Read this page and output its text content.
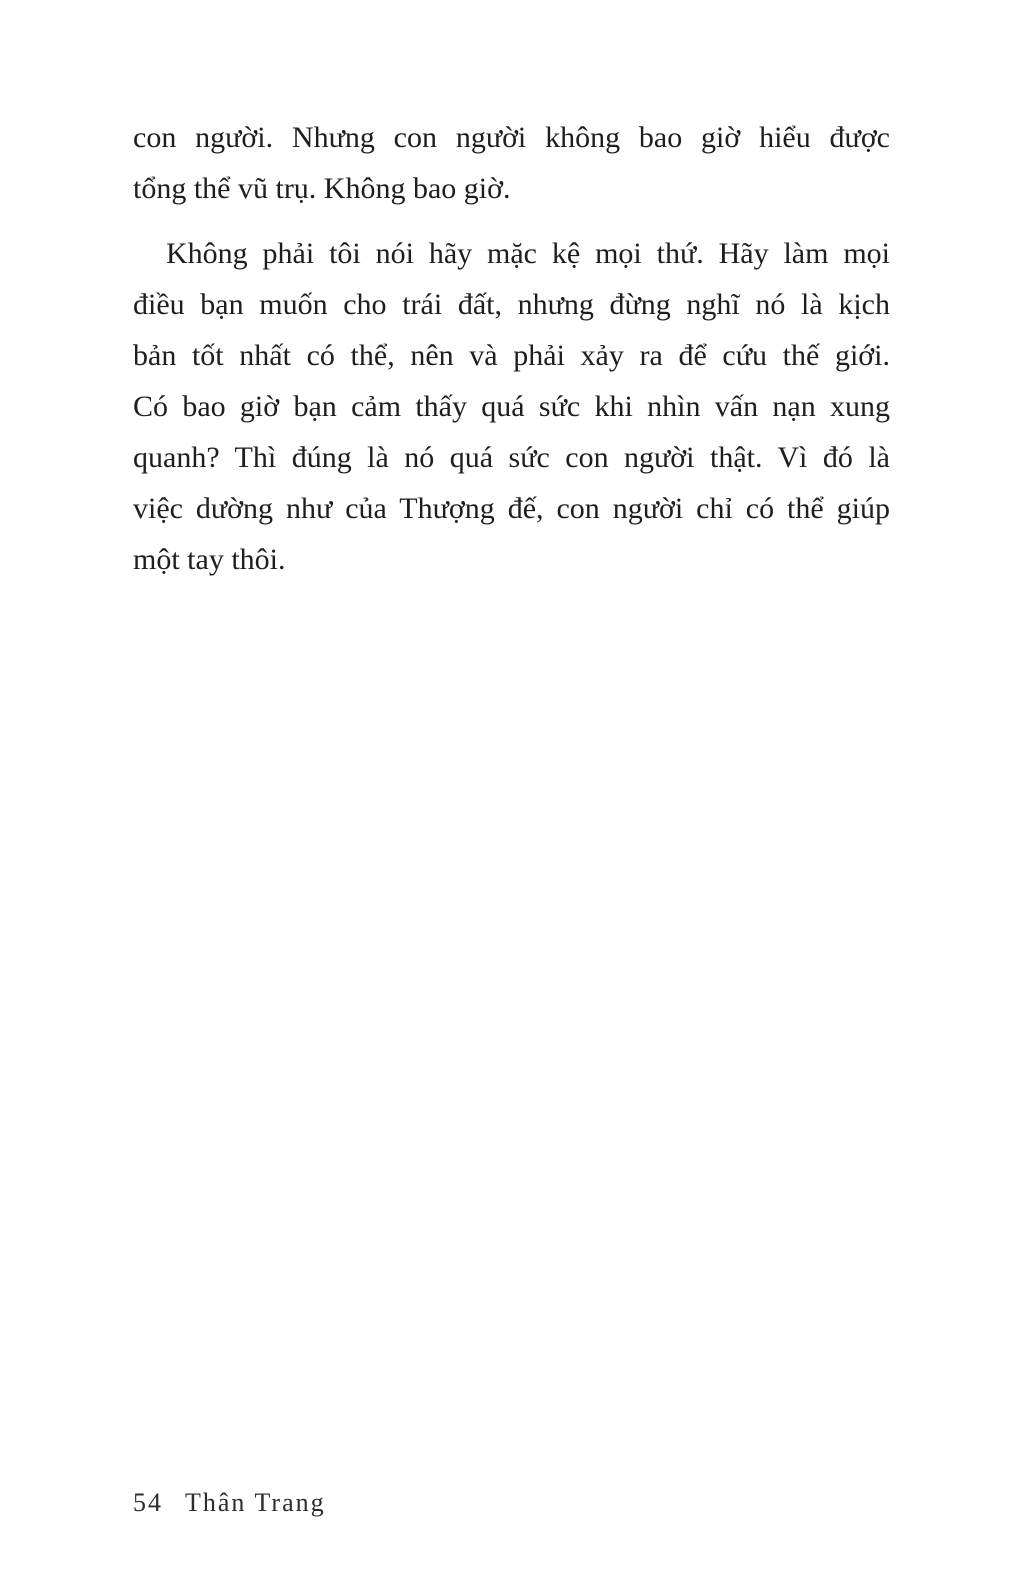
con người. Nhưng con người không bao giờ hiểu được
tổng thể vũ trụ. Không bao giờ.
Không phải tôi nói hãy mặc kệ mọi thứ. Hãy làm mọi
điều bạn muốn cho trái đất, nhưng đừng nghĩ nó là kịch
bản tốt nhất có thể, nên và phải xảy ra để cứu thế giới.
Có bao giờ bạn cảm thấy quá sức khi nhìn vấn nạn xung
quanh? Thì đúng là nó quá sức con người thật. Vì đó là
việc dường như của Thượng đế, con người chỉ có thể giúp
một tay thôi.
54 Thân Trang
